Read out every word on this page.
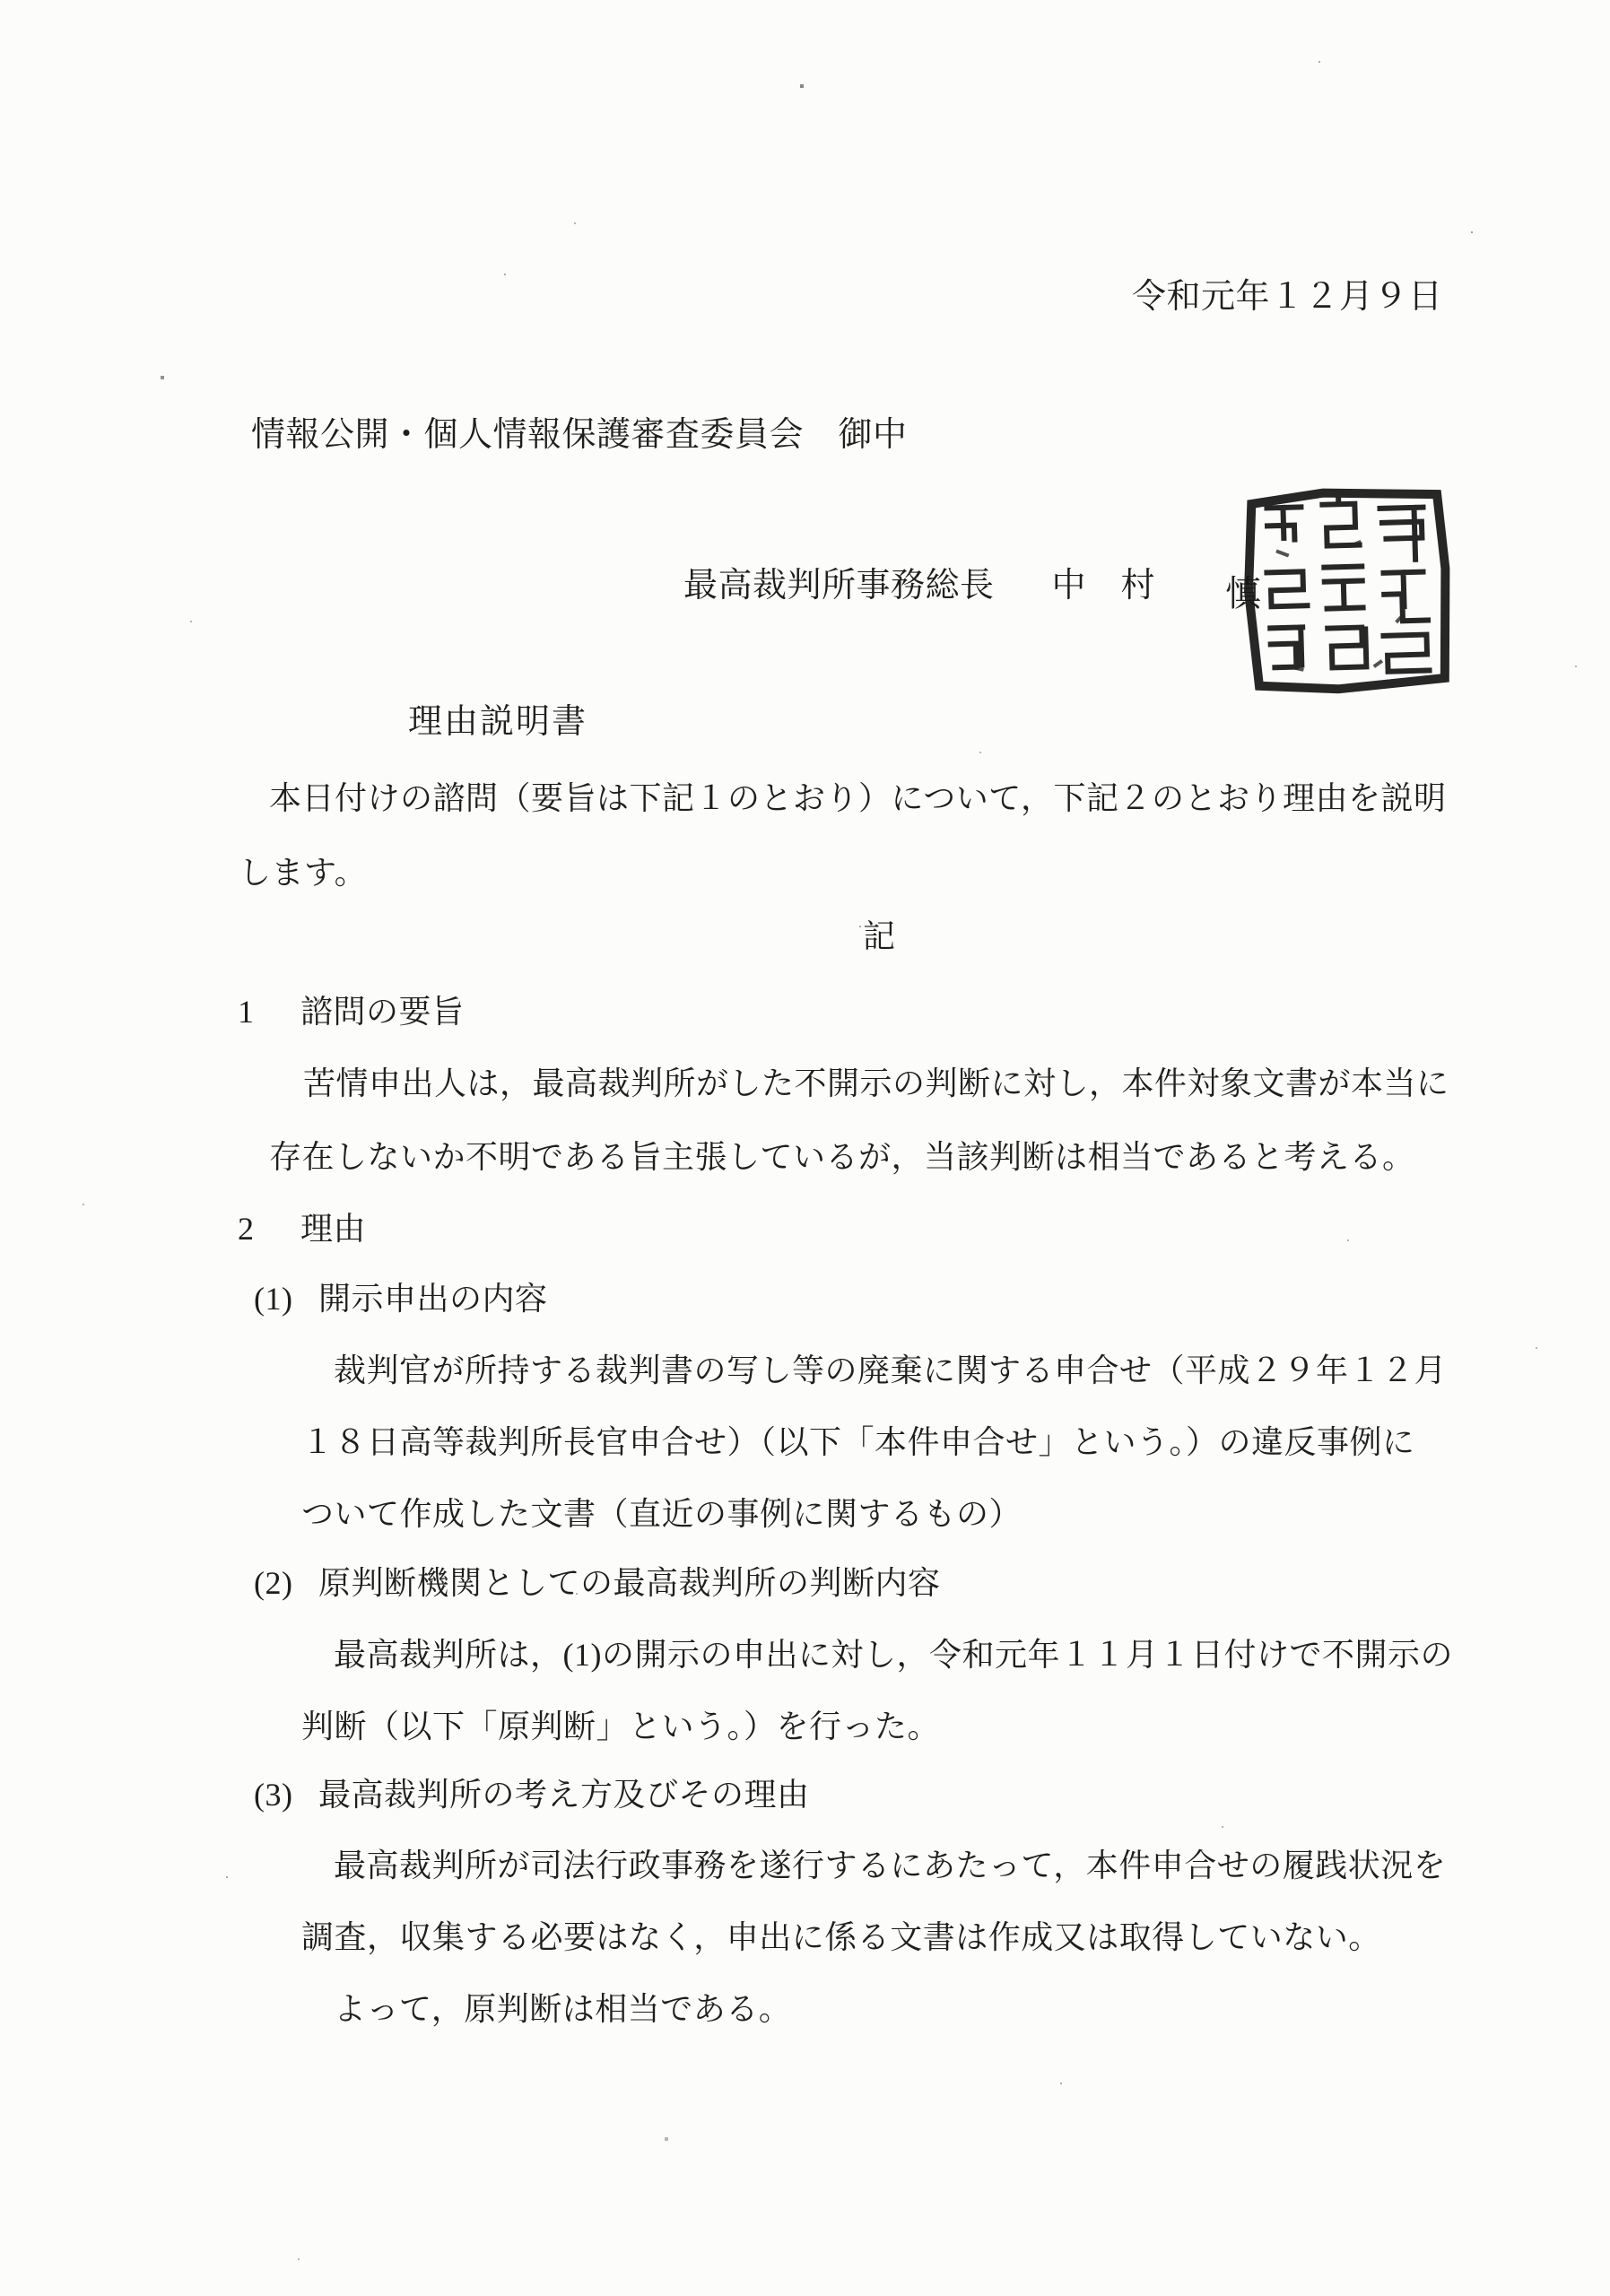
令和元年１２月９日
情報公開・個人情報保護審査委員会　御中
最高裁判所事務総長 中　村 慎
理由説明書
本日付けの諮問（要旨は下記１のとおり）について，下記２のとおり理由を説明
します。
記
1 諮問の要旨
苦情申出人は，最高裁判所がした不開示の判断に対し，本件対象文書が本当に
存在しないか不明である旨主張しているが，当該判断は相当であると考える。
2 理由
(1) 開示申出の内容
裁判官が所持する裁判書の写し等の廃棄に関する申合せ（平成２９年１２月
１８日高等裁判所長官申合せ）（以下「本件申合せ」という。）の違反事例に
ついて作成した文書（直近の事例に関するもの）
(2) 原判断機関としての最高裁判所の判断内容
最高裁判所は，(1)の開示の申出に対し，令和元年１１月１日付けで不開示の
判断（以下「原判断」という。）を行った。
(3) 最高裁判所の考え方及びその理由
最高裁判所が司法行政事務を遂行するにあたって，本件申合せの履践状況を
調査，収集する必要はなく，申出に係る文書は作成又は取得していない。
よって，原判断は相当である。
